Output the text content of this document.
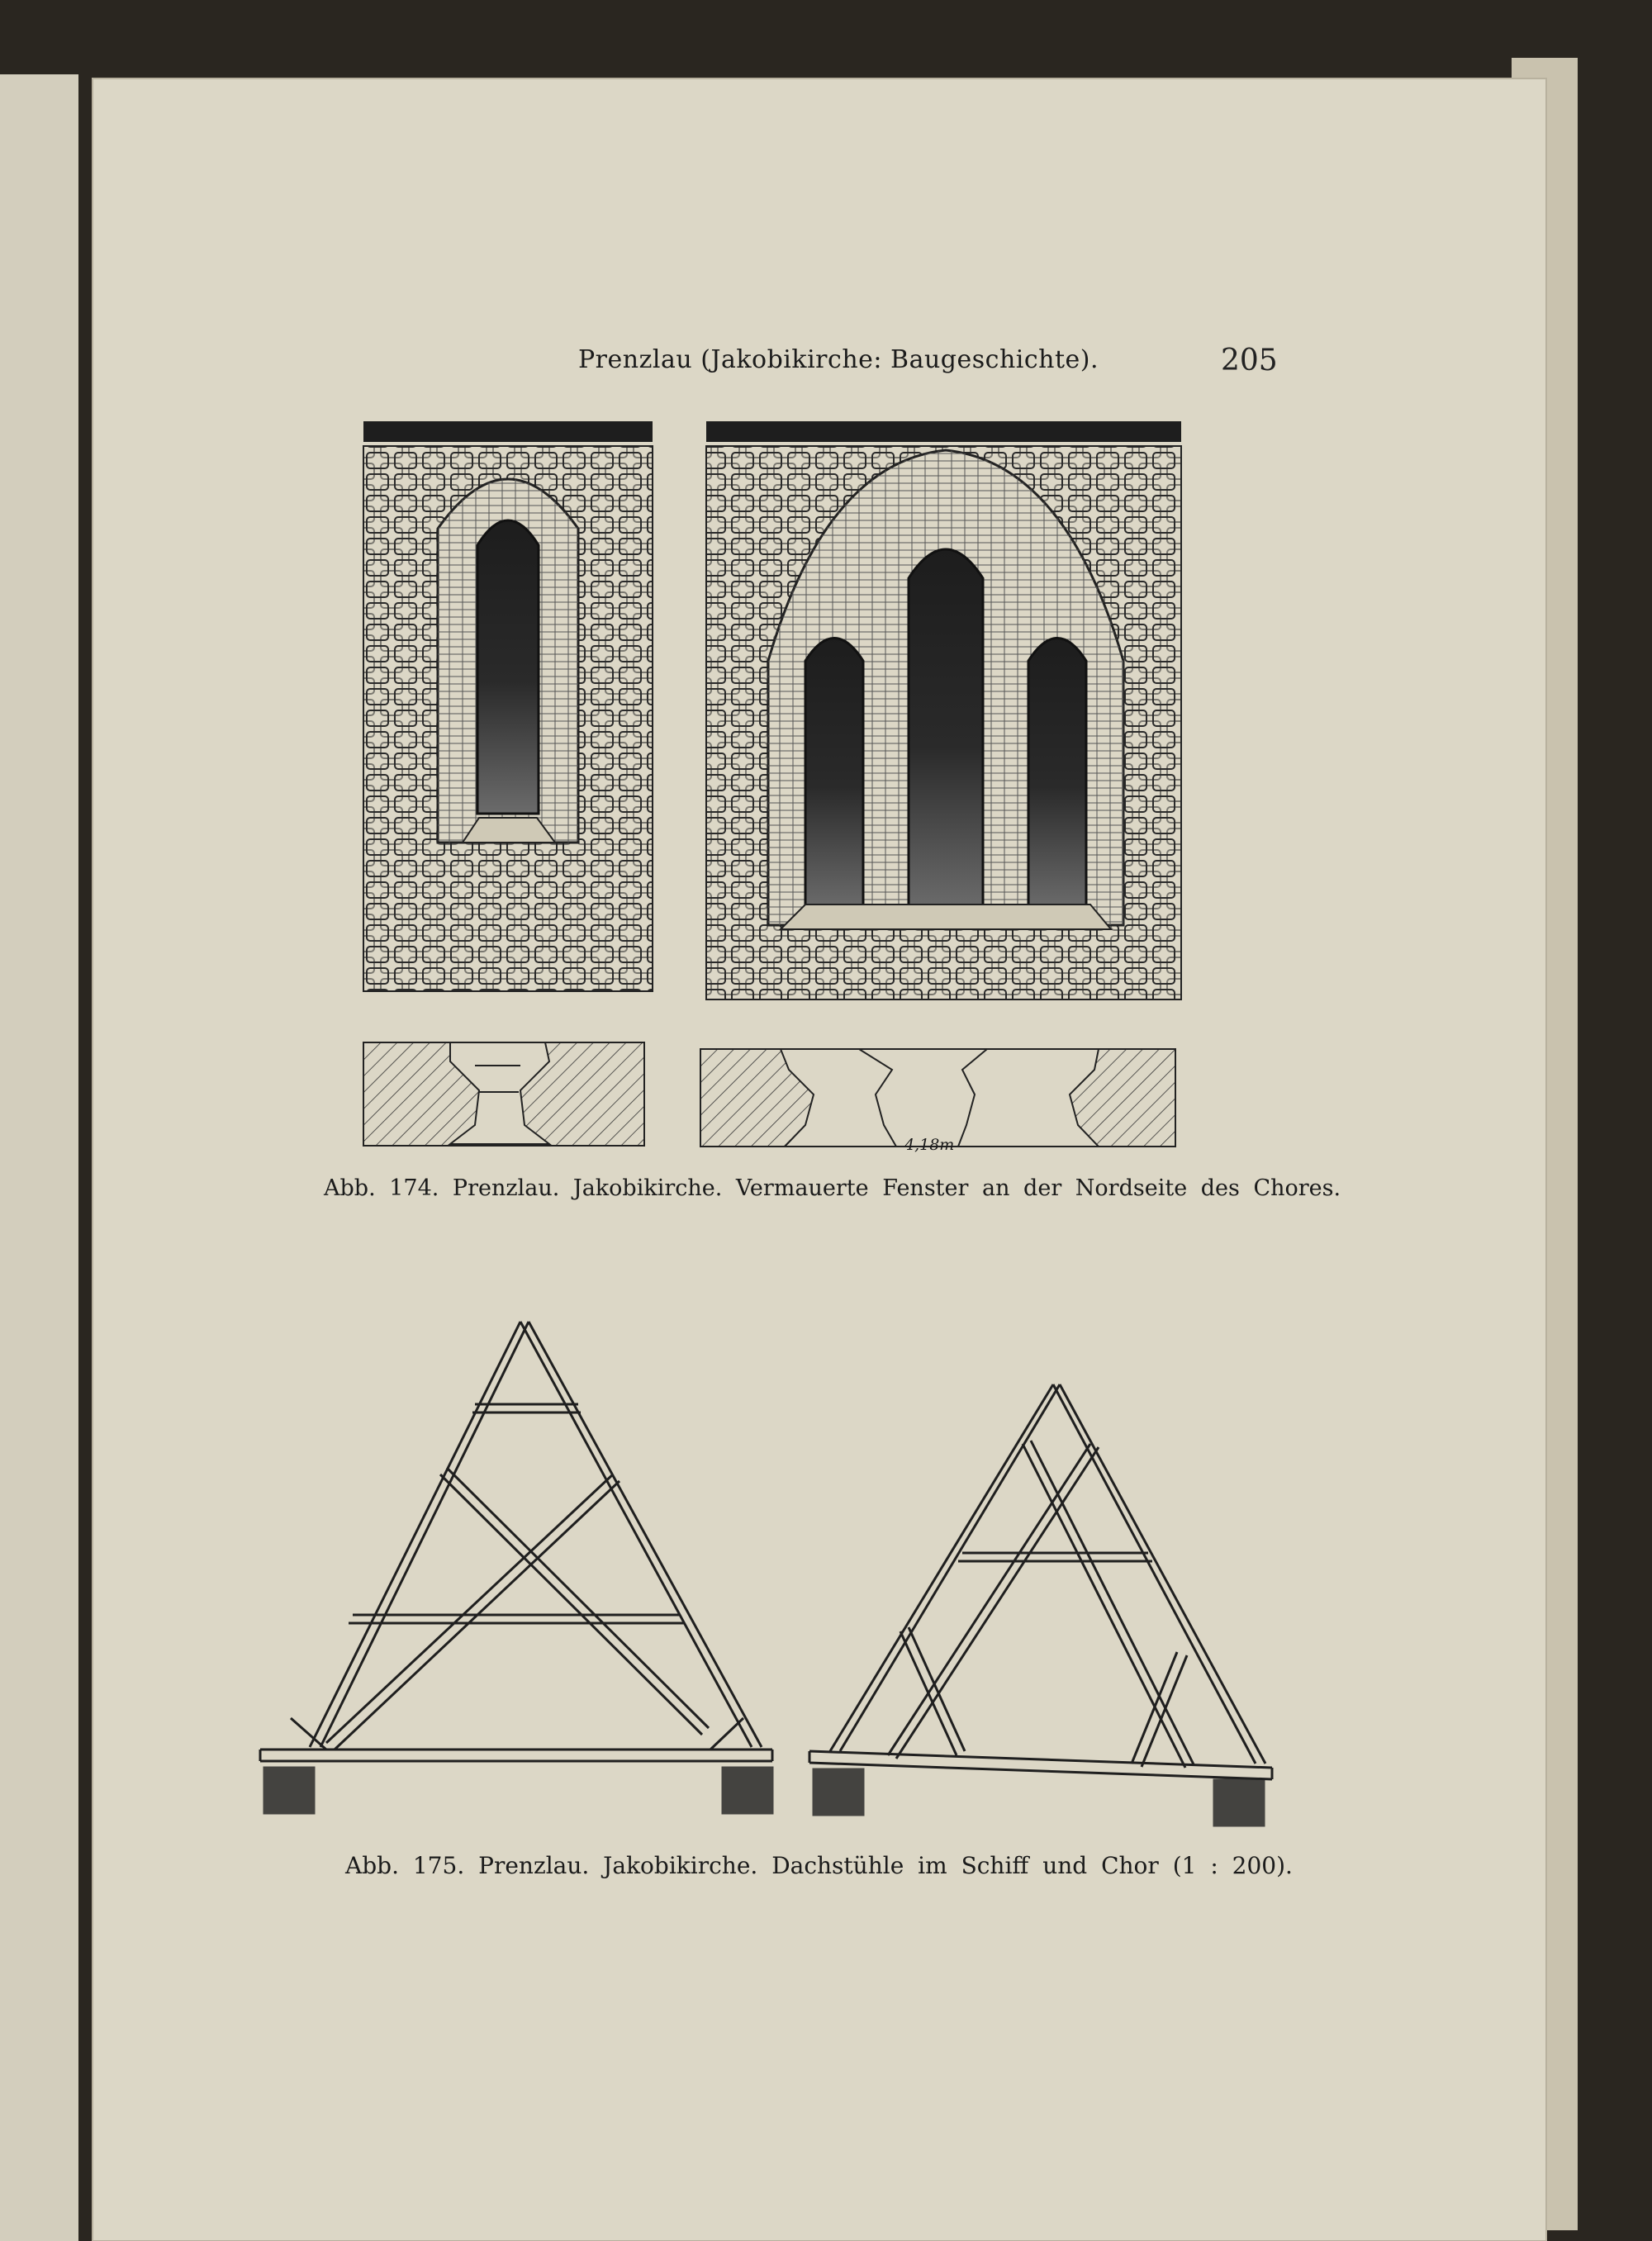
Prenzlau (Jakobikirche: Baugeschichte).	205
4,18m
Abb. 174. Prenzlau. Jakobikirche. Vermauerte Fenster an der Nordseite des Chores.
Abb. 175. Prenzlau. Jakobikirche. Dachstühle im Schiff und Chor (1 : 200).
